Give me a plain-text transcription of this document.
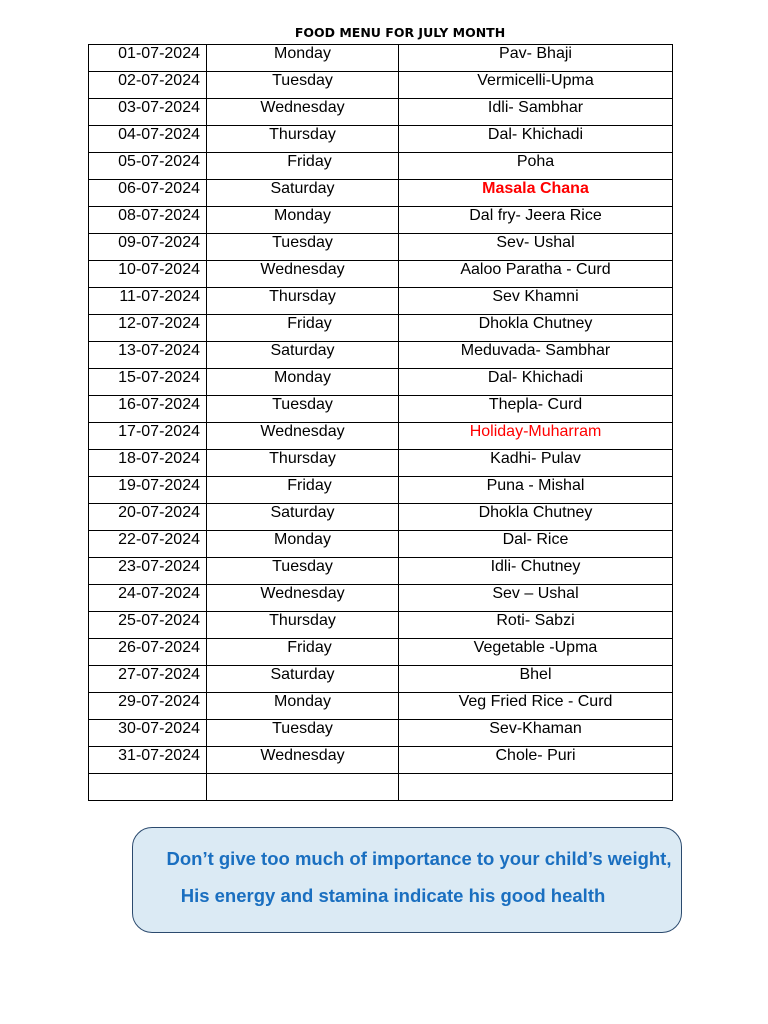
FOOD MENU FOR JULY MONTH
01-07-2024	Monday	Pav- Bhaji
02-07-2024	Tuesday	Vermicelli-Upma
03-07-2024	Wednesday	Idli- Sambhar
04-07-2024	Thursday	Dal- Khichadi
05-07-2024	Friday	Poha
06-07-2024	Saturday	Masala Chana
08-07-2024	Monday	Dal fry- Jeera Rice
09-07-2024	Tuesday	Sev- Ushal
10-07-2024	Wednesday	Aaloo Paratha - Curd
11-07-2024	Thursday	Sev Khamni
12-07-2024	Friday	Dhokla Chutney
13-07-2024	Saturday	Meduvada- Sambhar
15-07-2024	Monday	Dal- Khichadi
16-07-2024	Tuesday	Thepla- Curd
17-07-2024	Wednesday	Holiday-Muharram
18-07-2024	Thursday	Kadhi- Pulav
19-07-2024	Friday	Puna - Mishal
20-07-2024	Saturday	Dhokla Chutney
22-07-2024	Monday	Dal- Rice
23-07-2024	Tuesday	Idli- Chutney
24-07-2024	Wednesday	Sev – Ushal
25-07-2024	Thursday	Roti- Sabzi
26-07-2024	Friday	Vegetable -Upma
27-07-2024	Saturday	Bhel
29-07-2024	Monday	Veg Fried Rice - Curd
30-07-2024	Tuesday	Sev-Khaman
31-07-2024	Wednesday	Chole- Puri

Don’t give too much of importance to your child’s weight,
His energy and stamina indicate his good health
